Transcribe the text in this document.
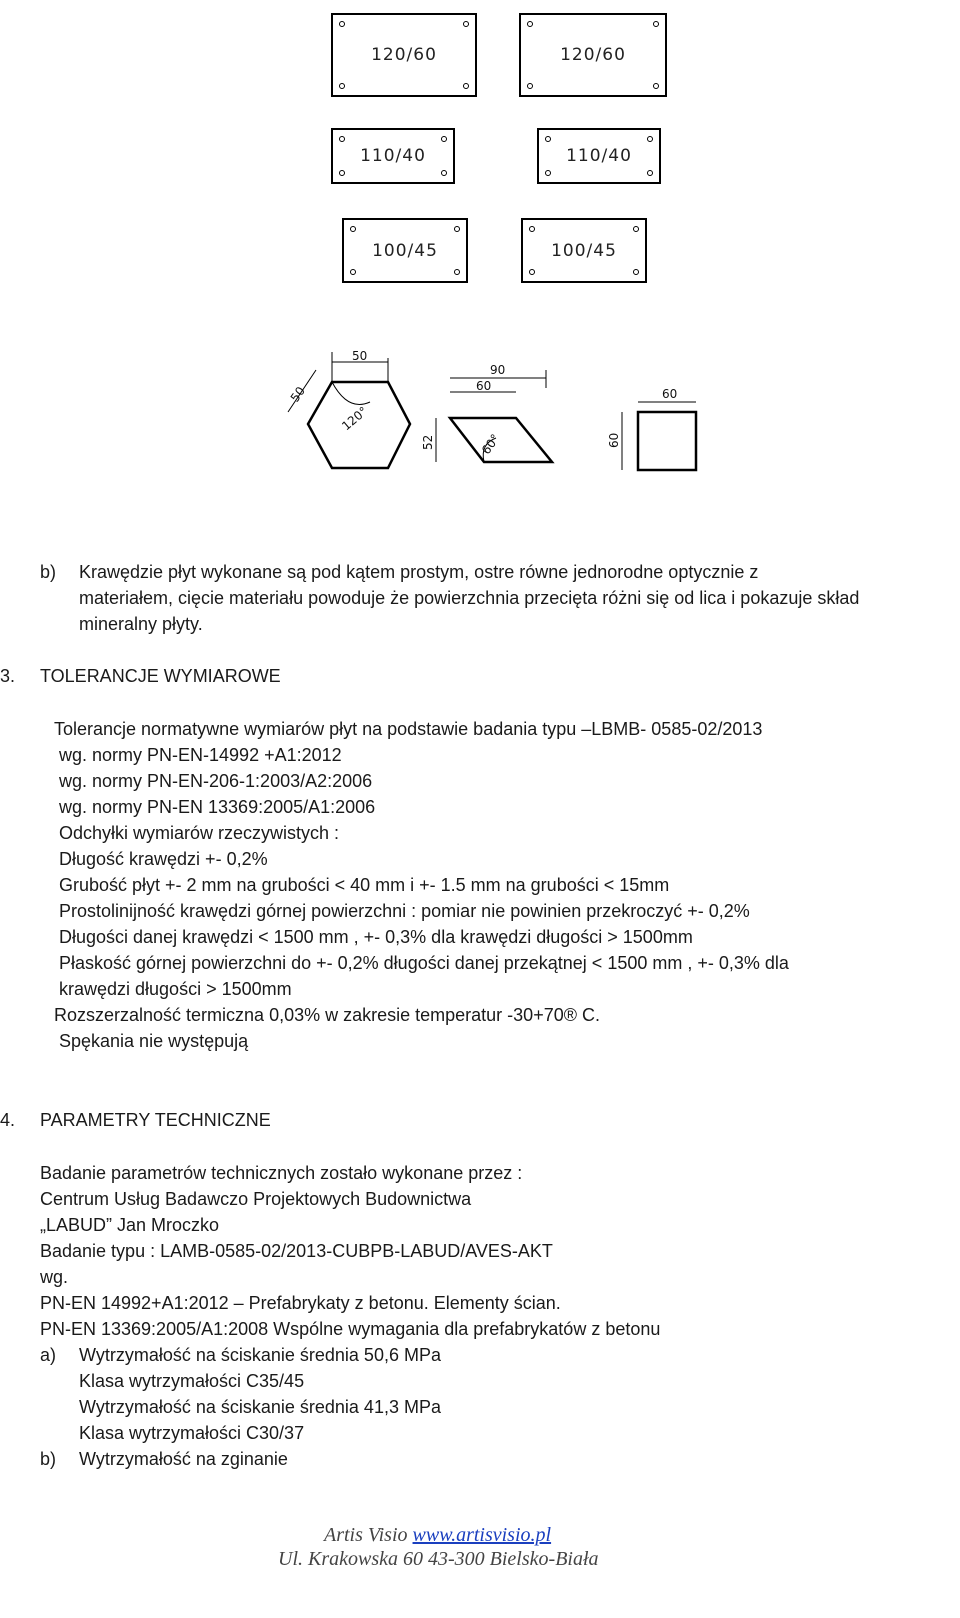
120/60	120/60
110/40	110/40
100/45	100/45
50
50
120°
90
60
52	60°
60
60
b) Krawędzie płyt wykonane są pod kątem prostym, ostre równe jednorodne optycznie z
materiałem, cięcie materiału powoduje że powierzchnia przecięta różni się od lica i pokazuje skład
mineralny płyty.
3. TOLERANCJE WYMIAROWE
Tolerancje normatywne wymiarów płyt na podstawie badania typu –LBMB- 0585-02/2013
wg. normy PN-EN-14992 +A1:2012
wg. normy PN-EN-206-1:2003/A2:2006
wg. normy PN-EN 13369:2005/A1:2006
Odchyłki wymiarów rzeczywistych :
Długość krawędzi +- 0,2%
Grubość płyt +- 2 mm na grubości < 40 mm i +- 1.5 mm na grubości < 15mm
Prostolinijność krawędzi górnej powierzchni : pomiar nie powinien przekroczyć +- 0,2%
Długości danej krawędzi < 1500 mm , +- 0,3% dla krawędzi długości > 1500mm
Płaskość górnej powierzchni do +- 0,2% długości danej przekątnej < 1500 mm , +- 0,3% dla
krawędzi długości > 1500mm
Rozszerzalność termiczna 0,03% w zakresie temperatur -30+70® C.
Spękania nie występują
4. PARAMETRY TECHNICZNE
Badanie parametrów technicznych zostało wykonane przez :
Centrum Usług Badawczo Projektowych Budownictwa
„LABUD” Jan Mroczko
Badanie typu : LAMB-0585-02/2013-CUBPB-LABUD/AVES-AKT
wg.
PN-EN 14992+A1:2012 – Prefabrykaty z betonu. Elementy ścian.
PN-EN 13369:2005/A1:2008 Wspólne wymagania dla prefabrykatów z betonu
a) Wytrzymałość na ściskanie średnia 50,6 MPa
Klasa wytrzymałości C35/45
Wytrzymałość na ściskanie średnia 41,3 MPa
Klasa wytrzymałości C30/37
b) Wytrzymałość na zginanie
Artis Visio www.artisvisio.pl
Ul. Krakowska 60 43-300 Bielsko-Biała
